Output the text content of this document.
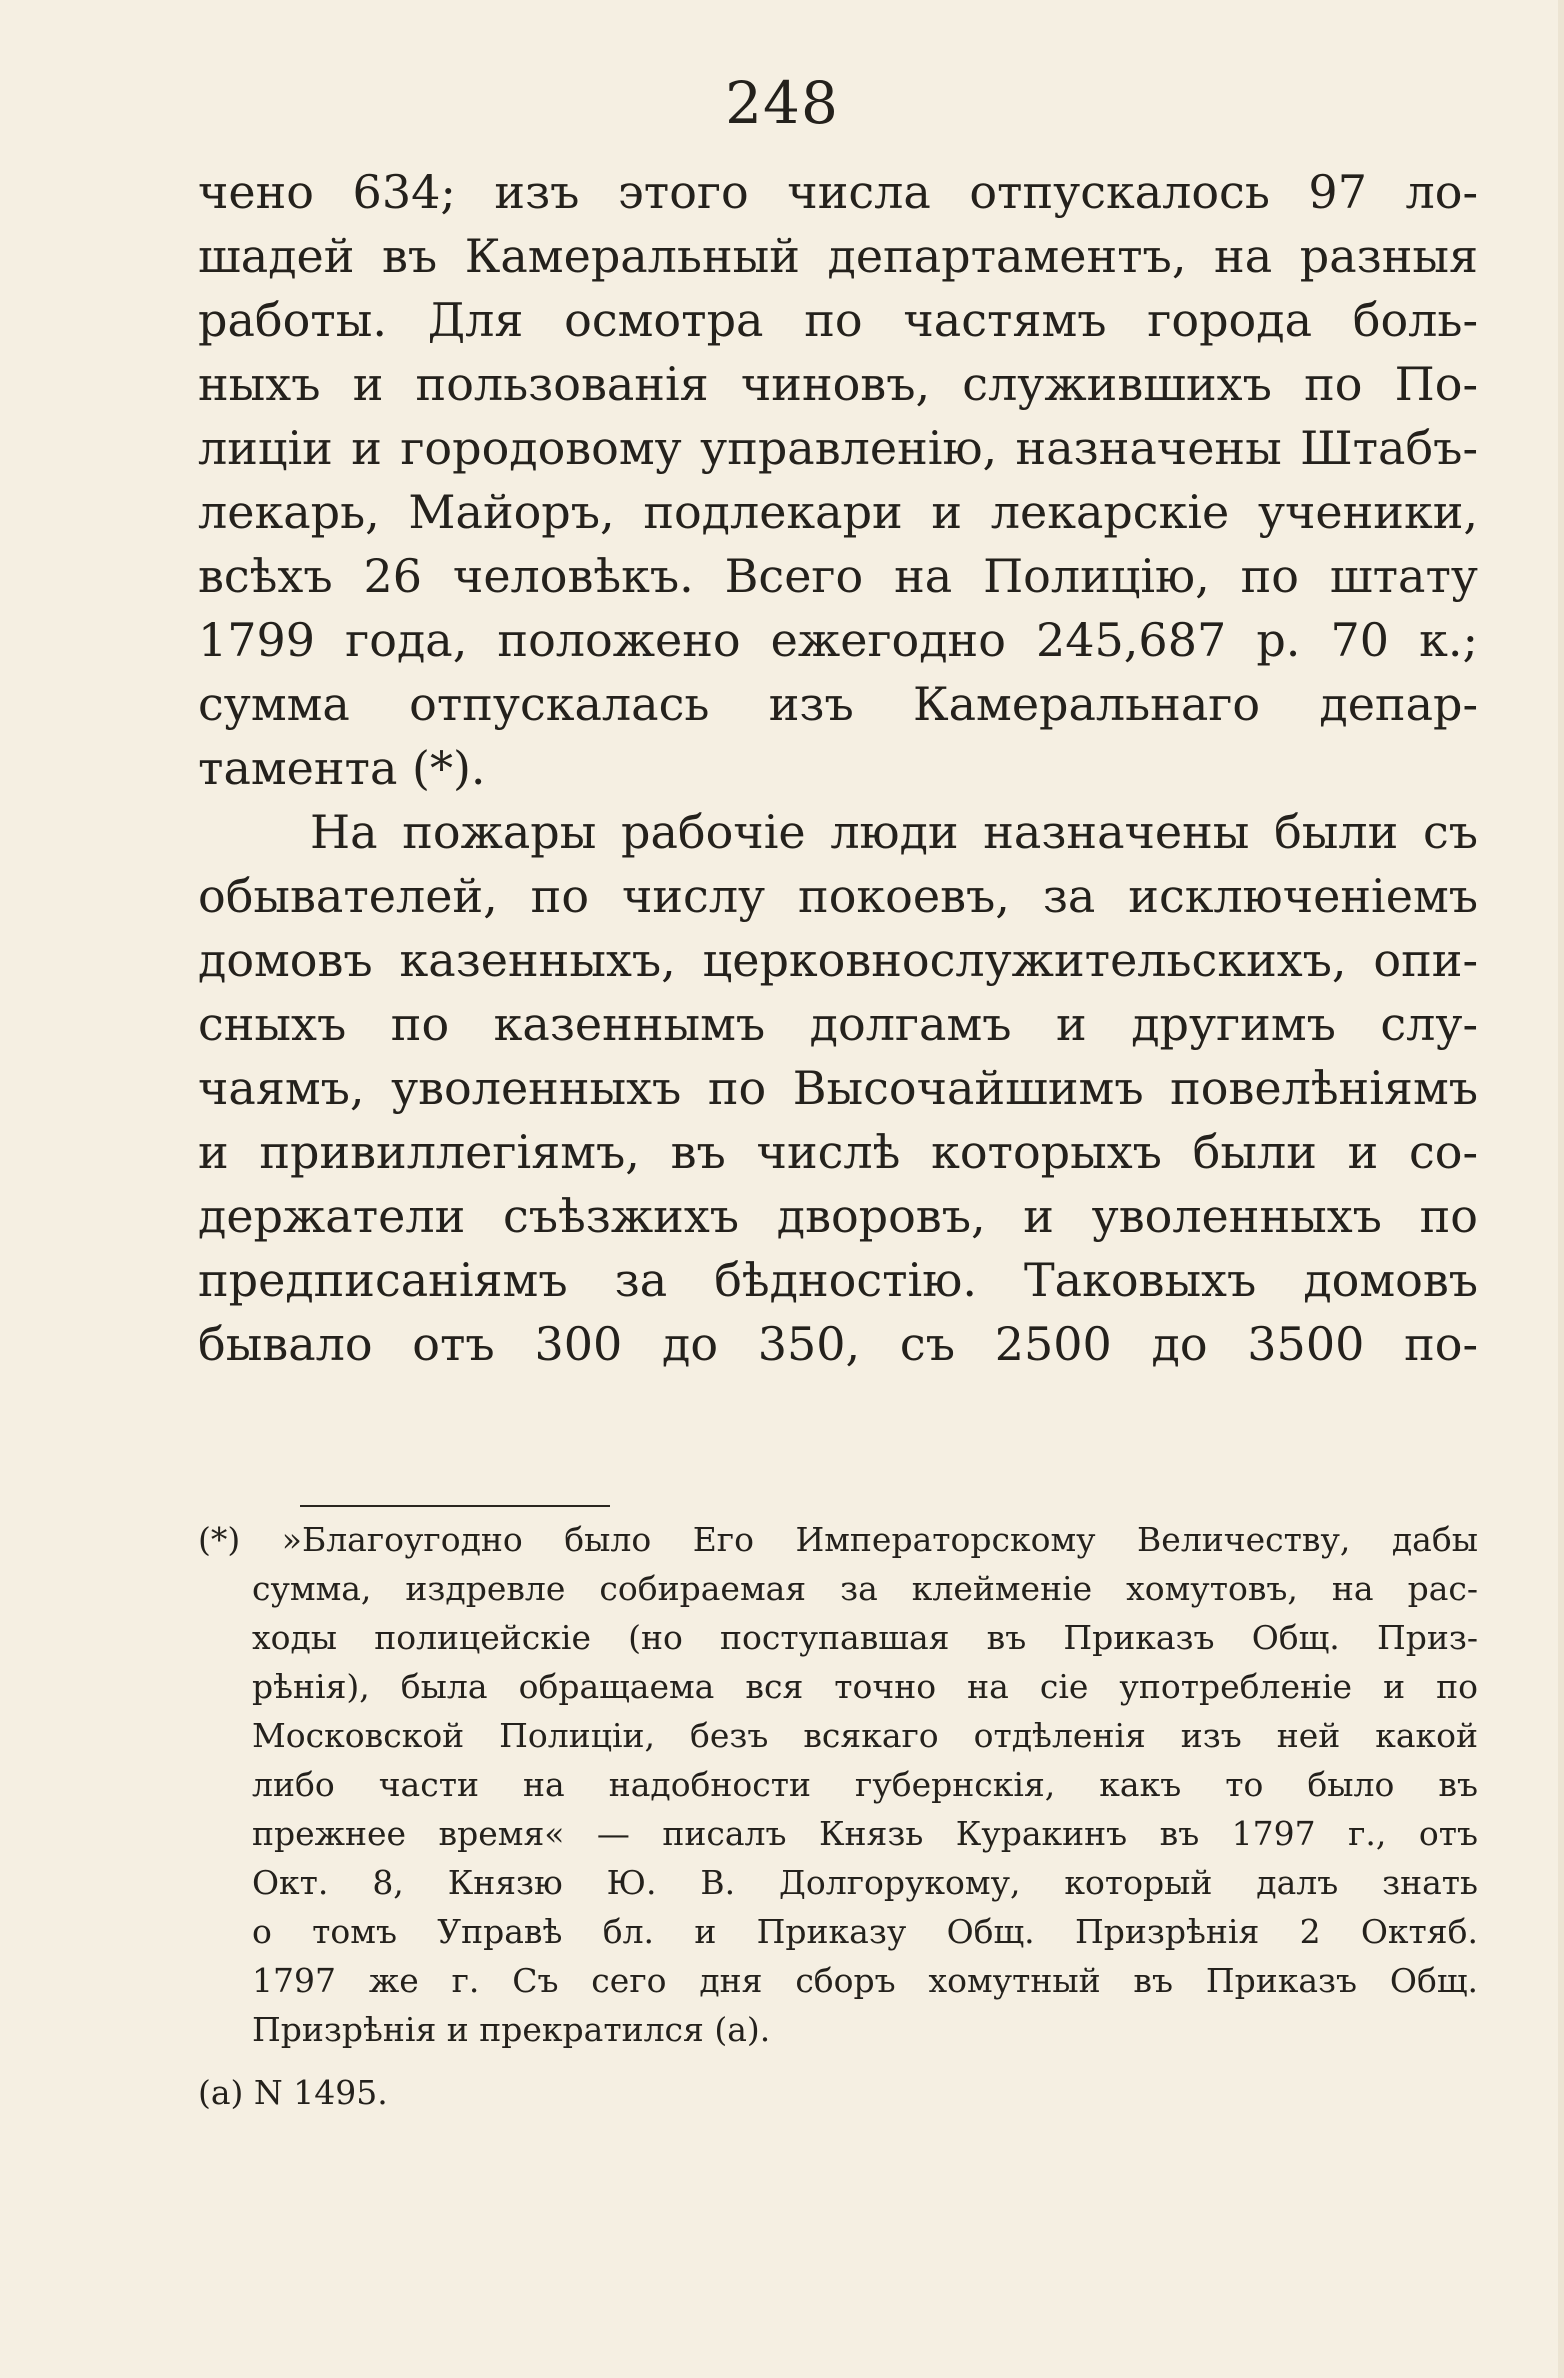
248
чено 634; изъ этого числа отпускалось 97 ло-
шадей въ Камеральный департаментъ, на разныя
работы. Для осмотра по частямъ города боль-
ныхъ и пользованія чиновъ, служившихъ по По-
лиціи и городовому управленію, назначены Штабъ-
лекарь, Майоръ, подлекари и лекарскіе ученики,
всѣхъ 26 человѣкъ. Всего на Полицію, по штату
1799 года, положено ежегодно 245,687 р. 70 к.;
сумма отпускалась изъ Камеральнаго депар-
тамента (*).
На пожары рабочіе люди назначены были съ
обывателей, по числу покоевъ, за исключеніемъ
домовъ казенныхъ, церковнослужительскихъ, опи-
сныхъ по казеннымъ долгамъ и другимъ слу-
чаямъ, уволенныхъ по Высочайшимъ повелѣніямъ
и привиллегіямъ, въ числѣ которыхъ были и со-
держатели съѣзжихъ дворовъ, и уволенныхъ по
предписаніямъ за бѣдностію. Таковыхъ домовъ
бывало отъ 300 до 350, съ 2500 до 3500 по-
(*) »Благоугодно было Его Императорскому Величеству, дабы
сумма, издревле собираемая за клейменіе хомутовъ, на рас-
ходы полицейскіе (но поступавшая въ Приказъ Общ. Приз-
рѣнія), была обращаема вся точно на сіе употребленіе и по
Московской Полиціи, безъ всякаго отдѣленія изъ ней какой
либо части на надобности губернскія, какъ то было въ
прежнее время« — писалъ Князь Куракинъ въ 1797 г., отъ
Окт. 8, Князю Ю. В. Долгорукому, который далъ знать
о томъ Управѣ бл. и Приказу Общ. Призрѣнія 2 Октяб.
1797 же г. Съ сего дня сборъ хомутный въ Приказъ Общ.
Призрѣнія и прекратился (а).
(а) N 1495.
